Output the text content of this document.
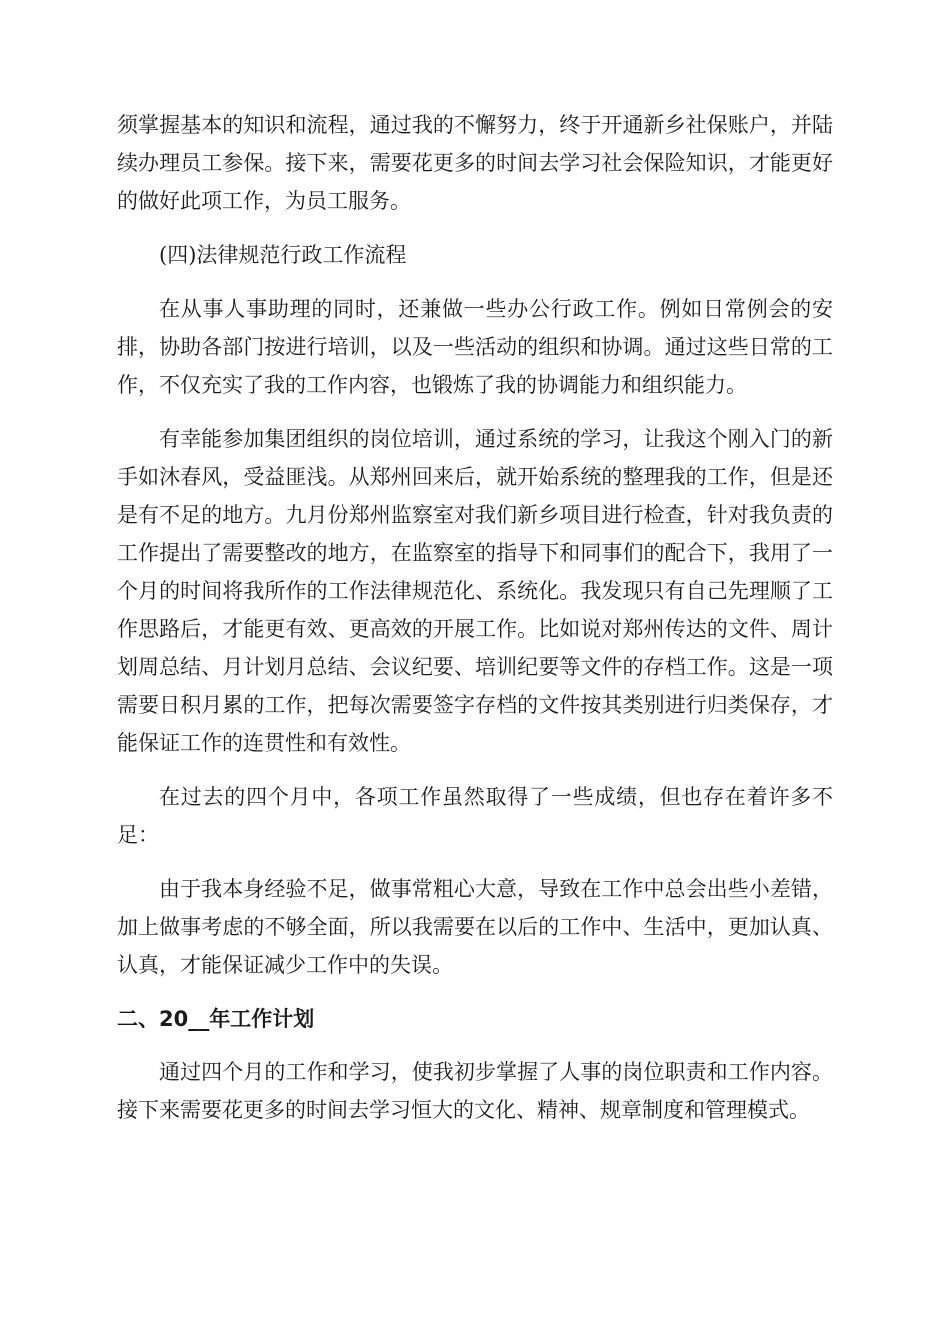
须掌握基本的知识和流程，通过我的不懈努力，终于开通新乡社保账户，并陆续办理员工参保。接下来，需要花更多的时间去学习社会保险知识，才能更好的做好此项工作，为员工服务。

(四)法律规范行政工作流程

在从事人事助理的同时，还兼做一些办公行政工作。例如日常例会的安排，协助各部门按进行培训，以及一些活动的组织和协调。通过这些日常的工作，不仅充实了我的工作内容，也锻炼了我的协调能力和组织能力。

有幸能参加集团组织的岗位培训，通过系统的学习，让我这个刚入门的新手如沐春风，受益匪浅。从郑州回来后，就开始系统的整理我的工作，但是还是有不足的地方。九月份郑州监察室对我们新乡项目进行检查，针对我负责的工作提出了需要整改的地方，在监察室的指导下和同事们的配合下，我用了一个月的时间将我所作的工作法律规范化、系统化。我发现只有自己先理顺了工作思路后，才能更有效、更高效的开展工作。比如说对郑州传达的文件、周计划周总结、月计划月总结、会议纪要、培训纪要等文件的存档工作。这是一项需要日积月累的工作，把每次需要签字存档的文件按其类别进行归类保存，才能保证工作的连贯性和有效性。

在过去的四个月中，各项工作虽然取得了一些成绩，但也存在着许多不足：

由于我本身经验不足，做事常粗心大意，导致在工作中总会出些小差错，加上做事考虑的不够全面，所以我需要在以后的工作中、生活中，更加认真、认真，才能保证减少工作中的失误。

二、20__年工作计划

通过四个月的工作和学习，使我初步掌握了人事的岗位职责和工作内容。接下来需要花更多的时间去学习恒大的文化、精神、规章制度和管理模式。
